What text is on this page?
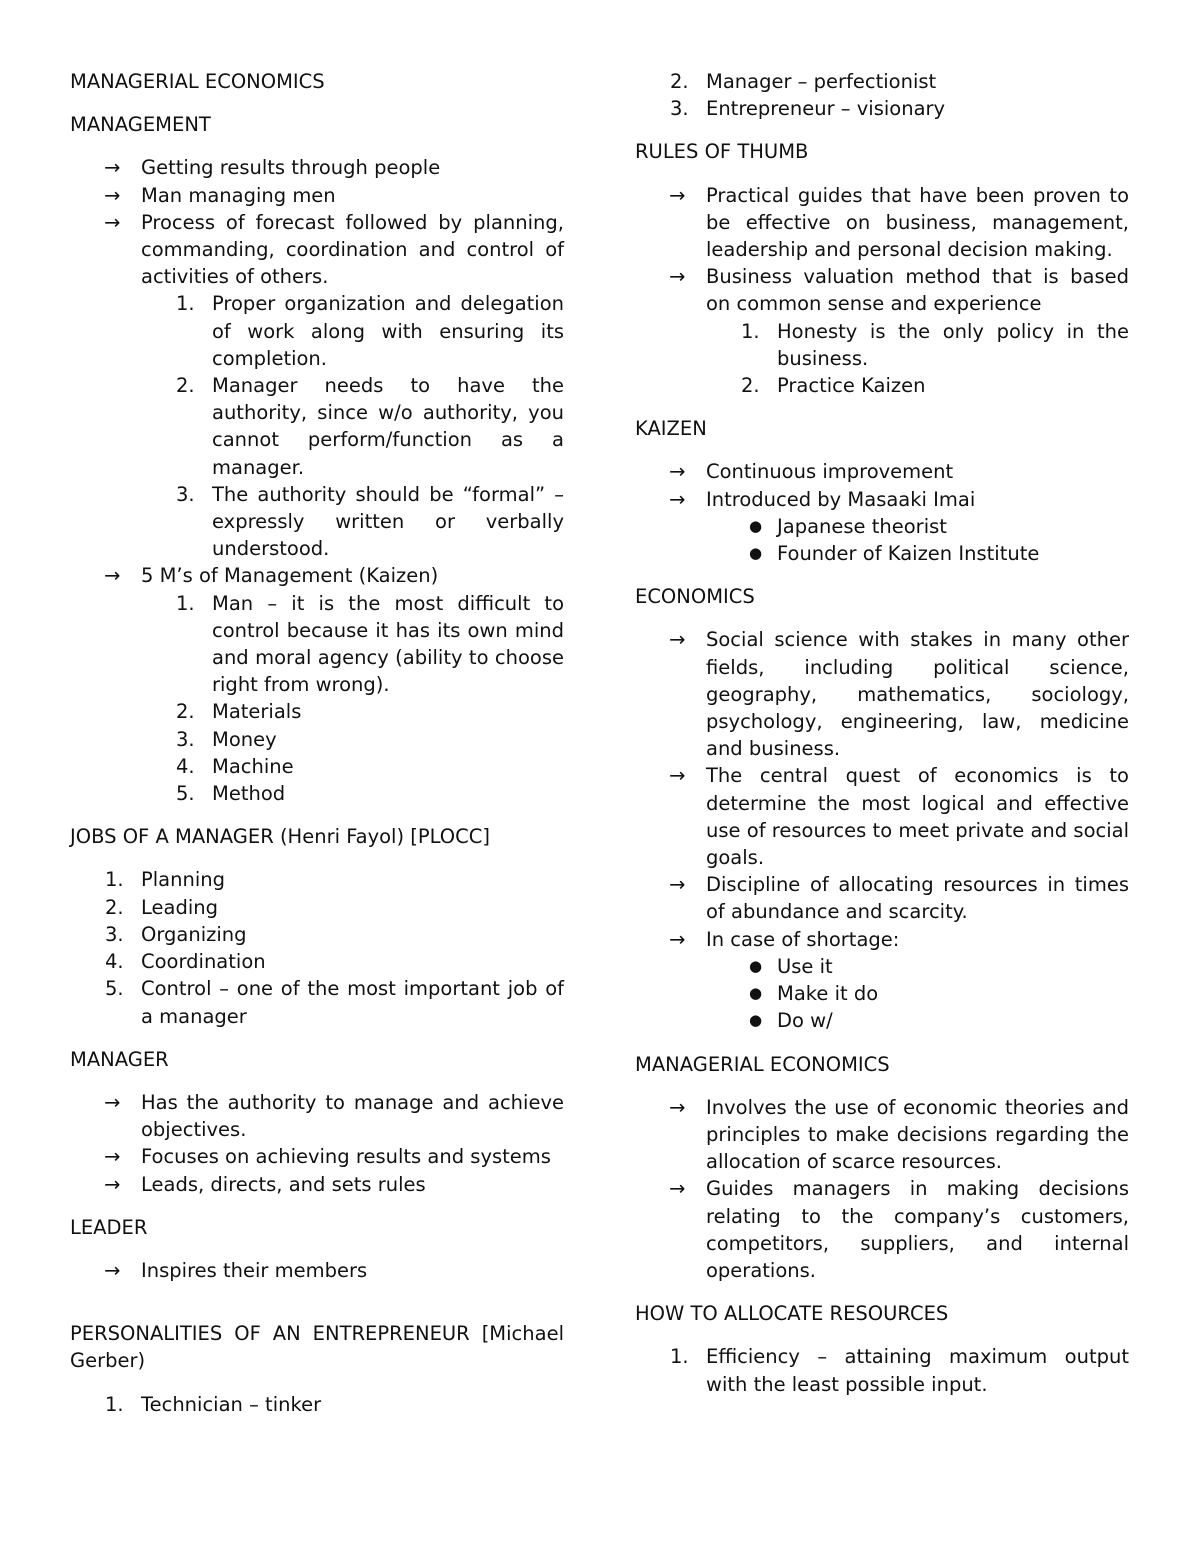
MANAGERIAL ECONOMICS
MANAGEMENT
→ Getting results through people
→ Man managing men
→ Process of forecast followed by planning, commanding, coordination and control of activities of others.
1. Proper organization and delegation of work along with ensuring its completion.
2. Manager needs to have the authority, since w/o authority, you cannot perform/function as a manager.
3. The authority should be “formal” – expressly written or verbally understood.
→ 5 M’s of Management (Kaizen)
1. Man – it is the most difficult to control because it has its own mind and moral agency (ability to choose right from wrong).
2. Materials
3. Money
4. Machine
5. Method
JOBS OF A MANAGER (Henri Fayol) [PLOCC]
1. Planning
2. Leading
3. Organizing
4. Coordination
5. Control – one of the most important job of a manager
MANAGER
→ Has the authority to manage and achieve objectives.
→ Focuses on achieving results and systems
→ Leads, directs, and sets rules
LEADER
→ Inspires their members
PERSONALITIES OF AN ENTREPRENEUR [Michael Gerber)
1. Technician – tinker
2. Manager – perfectionist
3. Entrepreneur – visionary
RULES OF THUMB
→ Practical guides that have been proven to be effective on business, management, leadership and personal decision making.
→ Business valuation method that is based on common sense and experience
1. Honesty is the only policy in the business.
2. Practice Kaizen
KAIZEN
→ Continuous improvement
→ Introduced by Masaaki Imai
● Japanese theorist
● Founder of Kaizen Institute
ECONOMICS
→ Social science with stakes in many other fields, including political science, geography, mathematics, sociology, psychology, engineering, law, medicine and business.
→ The central quest of economics is to determine the most logical and effective use of resources to meet private and social goals.
→ Discipline of allocating resources in times of abundance and scarcity.
→ In case of shortage:
● Use it
● Make it do
● Do w/
MANAGERIAL ECONOMICS
→ Involves the use of economic theories and principles to make decisions regarding the allocation of scarce resources.
→ Guides managers in making decisions relating to the company’s customers, competitors, suppliers, and internal operations.
HOW TO ALLOCATE RESOURCES
1. Efficiency – attaining maximum output with the least possible input.
